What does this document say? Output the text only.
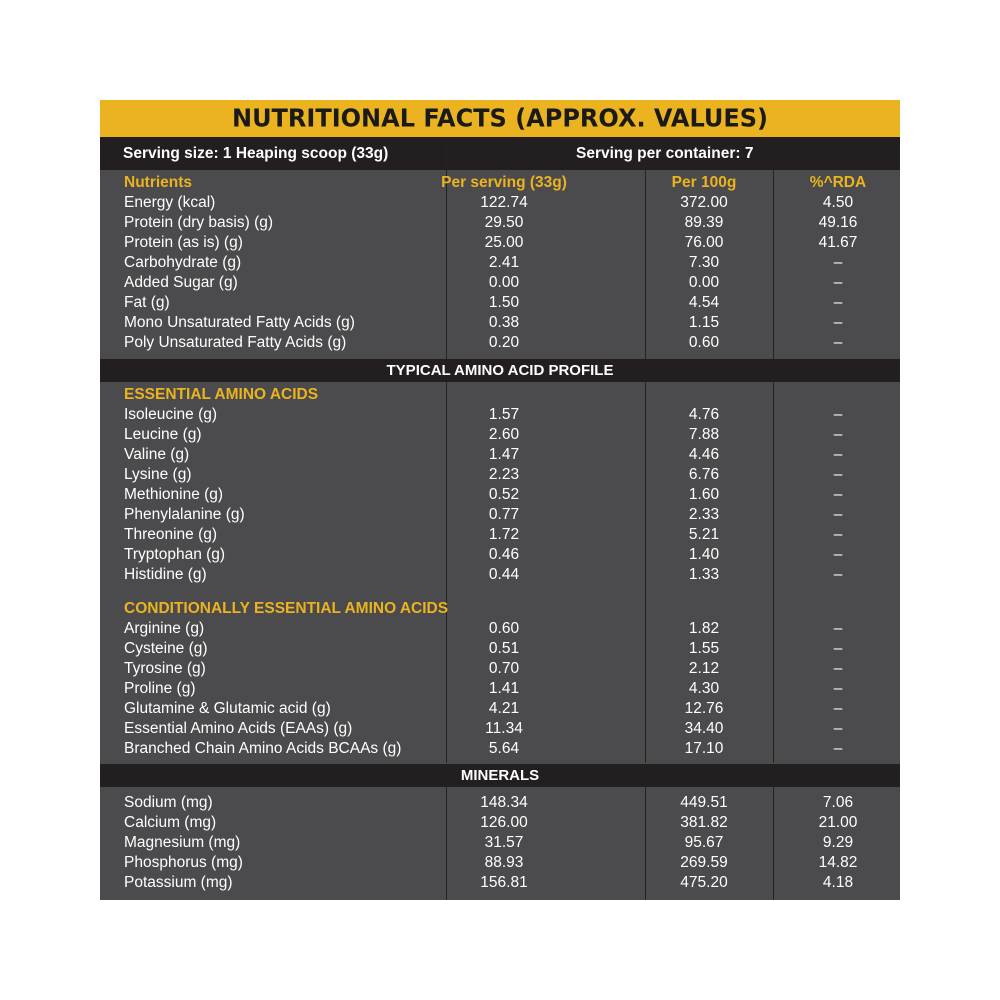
NUTRITIONAL FACTS (APPROX. VALUES)
Serving size: 1 Heaping scoop (33g)	Serving per container: 7
Nutrients	Per serving (33g)	Per 100g	%^RDA
Energy (kcal)	122.74	372.00	4.50
Protein (dry basis) (g)	29.50	89.39	49.16
Protein (as is) (g)	25.00	76.00	41.67
Carbohydrate (g)	2.41	7.30	–
Added Sugar (g)	0.00	0.00	–
Fat (g)	1.50	4.54	–
Mono Unsaturated Fatty Acids (g)	0.38	1.15	–
Poly Unsaturated Fatty Acids (g)	0.20	0.60	–
TYPICAL AMINO ACID PROFILE
ESSENTIAL AMINO ACIDS
Isoleucine (g)	1.57	4.76	–
Leucine (g)	2.60	7.88	–
Valine (g)	1.47	4.46	–
Lysine (g)	2.23	6.76	–
Methionine (g)	0.52	1.60	–
Phenylalanine (g)	0.77	2.33	–
Threonine (g)	1.72	5.21	–
Tryptophan (g)	0.46	1.40	–
Histidine (g)	0.44	1.33	–
CONDITIONALLY ESSENTIAL AMINO ACIDS
Arginine (g)	0.60	1.82	–
Cysteine (g)	0.51	1.55	–
Tyrosine (g)	0.70	2.12	–
Proline (g)	1.41	4.30	–
Glutamine & Glutamic acid (g)	4.21	12.76	–
Essential Amino Acids (EAAs) (g)	11.34	34.40	–
Branched Chain Amino Acids BCAAs (g)	5.64	17.10	–
MINERALS
Sodium (mg)	148.34	449.51	7.06
Calcium (mg)	126.00	381.82	21.00
Magnesium (mg)	31.57	95.67	9.29
Phosphorus (mg)	88.93	269.59	14.82
Potassium (mg)	156.81	475.20	4.18
